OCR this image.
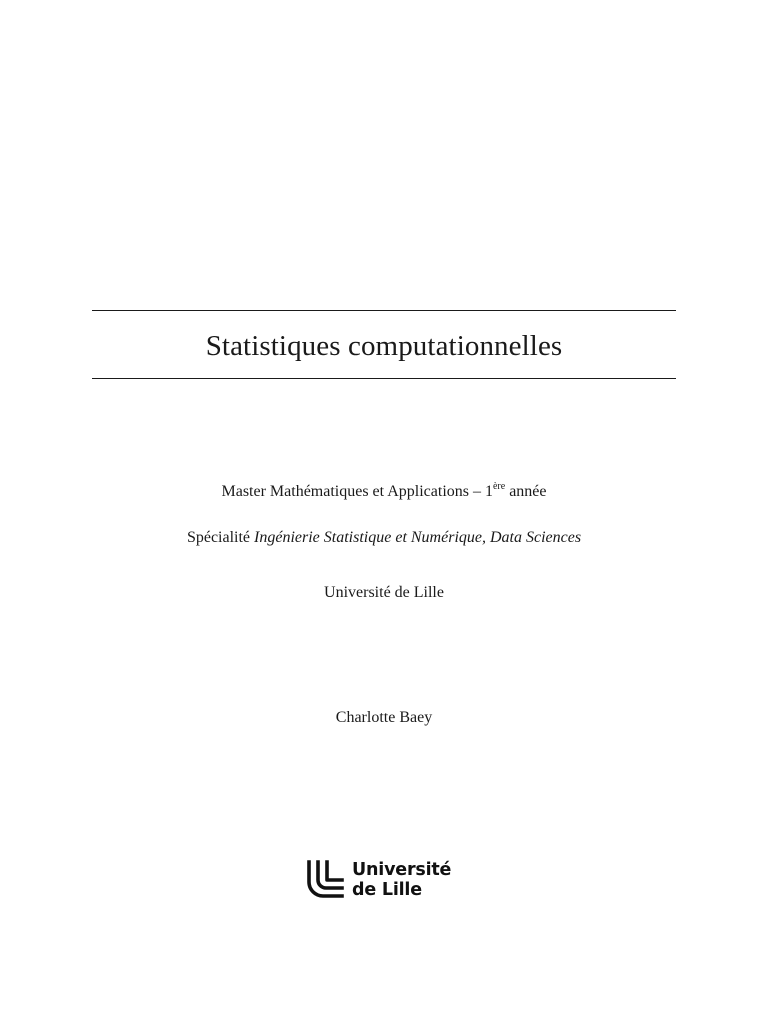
Statistiques computationnelles
Master Mathématiques et Applications – 1ère année
Spécialité Ingénierie Statistique et Numérique, Data Sciences
Université de Lille
Charlotte Baey
Université
de Lille
